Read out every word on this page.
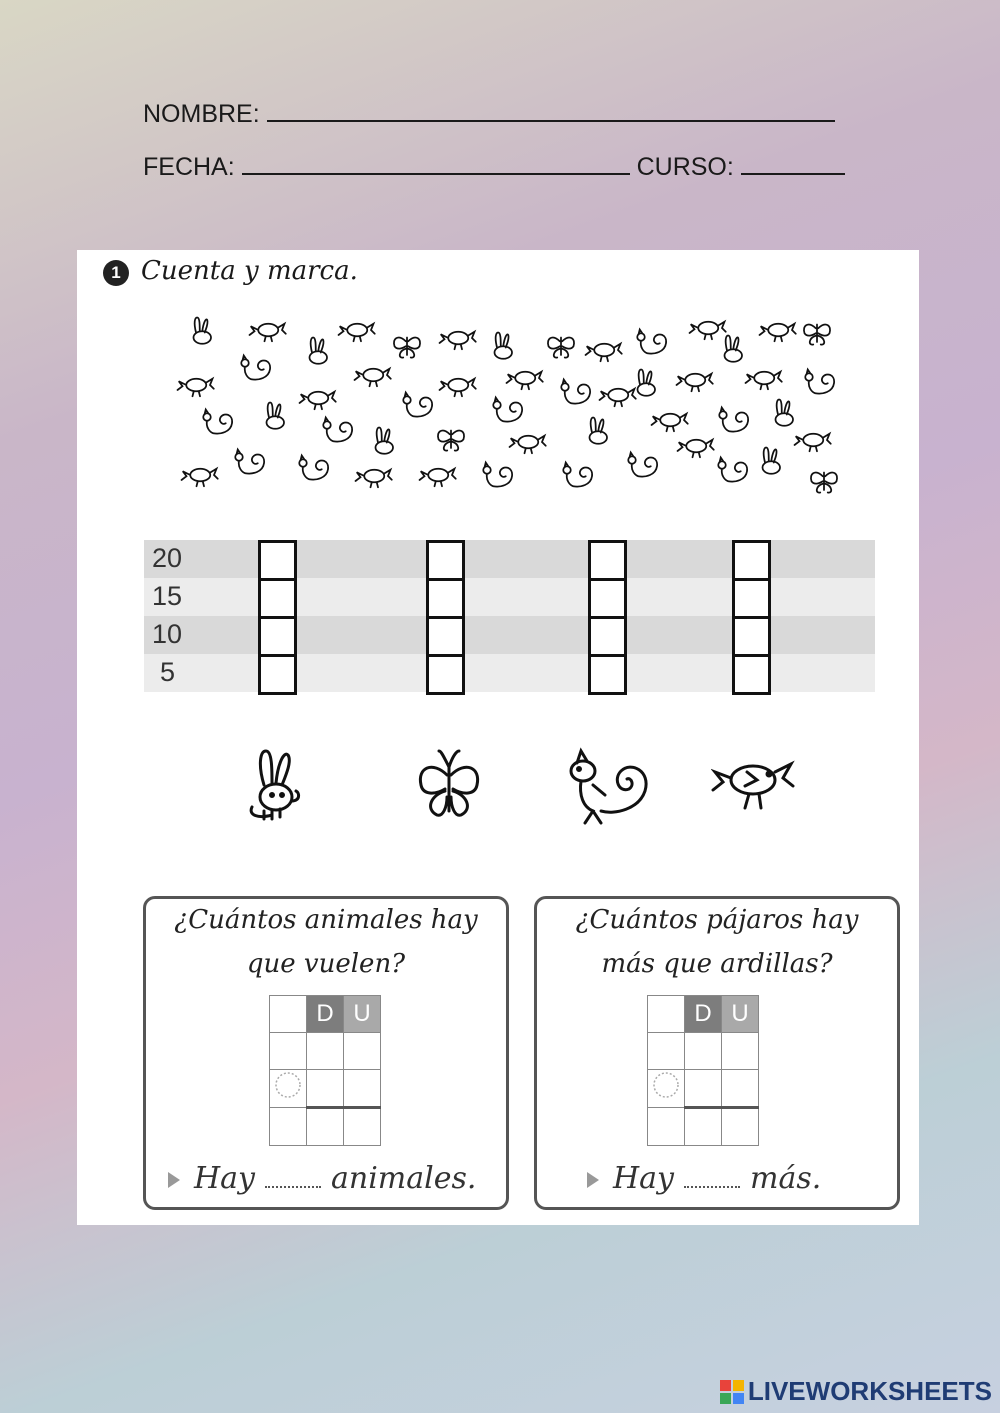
NOMBRE:
FECHA:	CURSO:
1 Cuenta y marca.
20
15
10
5
¿Cuántos animales hay
que vuelen?
	D	U

Hay	animales.
¿Cuántos pájaros hay
más que ardillas?
	D	U

Hay	más.
LIVEWORKSHEETS
